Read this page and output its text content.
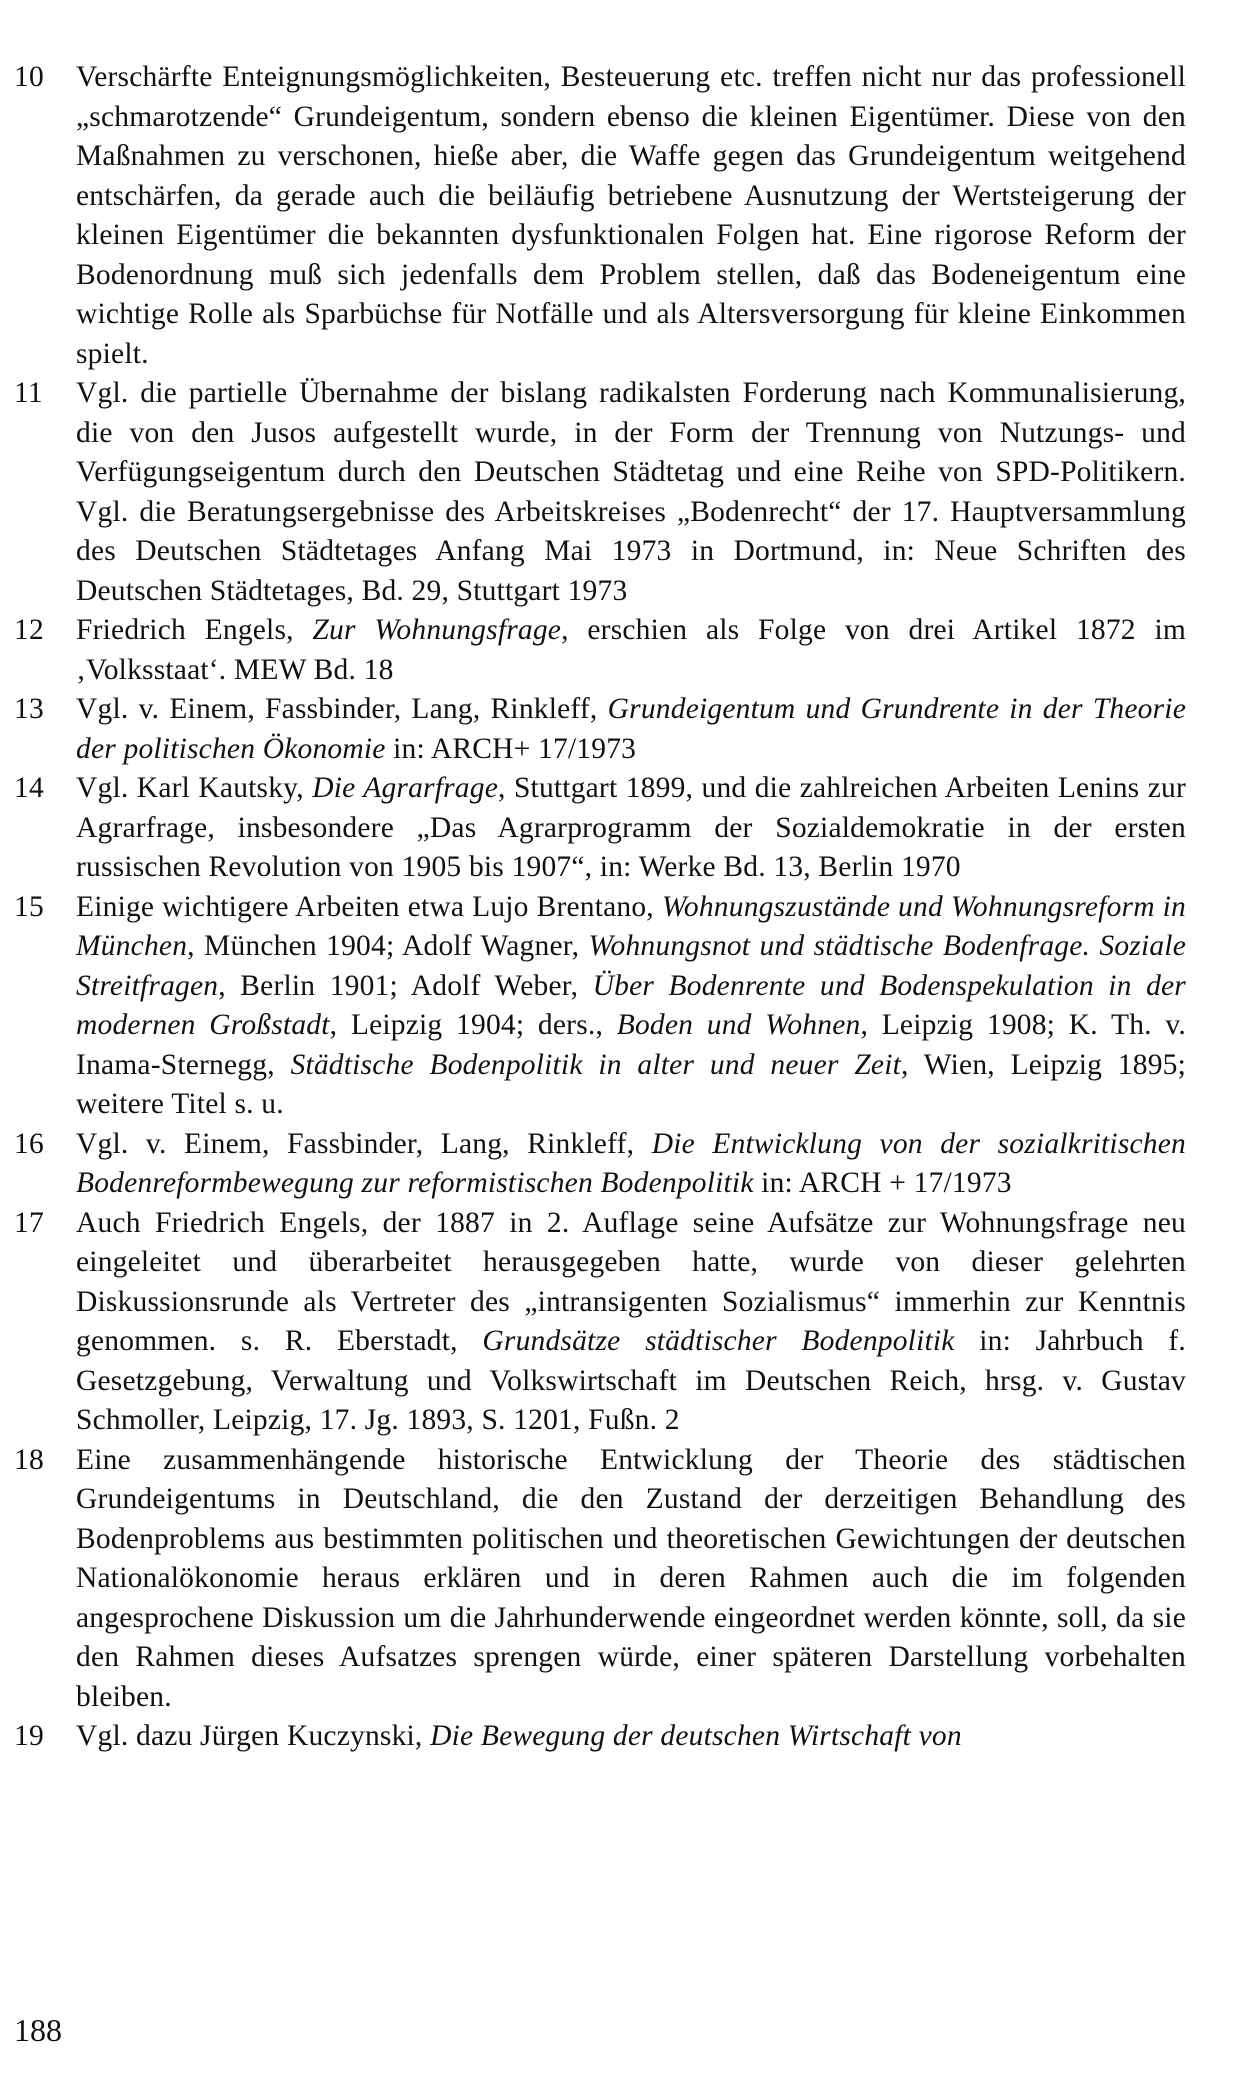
10	Verschärfte Enteignungsmöglichkeiten, Besteuerung etc. treffen nicht nur das professionell „schmarotzende“ Grundeigentum, sondern ebenso die kleinen Eigentümer. Diese von den Maßnahmen zu verschonen, hieße aber, die Waffe gegen das Grundeigentum weitgehend entschärfen, da gerade auch die beiläufig betriebene Ausnutzung der Wertsteigerung der kleinen Eigentümer die bekannten dysfunktionalen Folgen hat. Eine rigorose Reform der Bodenordnung muß sich jedenfalls dem Problem stellen, daß das Bodeneigentum eine wichtige Rolle als Sparbüchse für Notfälle und als Altersversorgung für kleine Einkommen spielt.
11	Vgl. die partielle Übernahme der bislang radikalsten Forderung nach Kommunalisierung, die von den Jusos aufgestellt wurde, in der Form der Trennung von Nutzungs- und Verfügungseigentum durch den Deutschen Städtetag und eine Reihe von SPD-Politikern. Vgl. die Beratungsergebnisse des Arbeitskreises „Bodenrecht“ der 17. Hauptversammlung des Deutschen Städtetages Anfang Mai 1973 in Dortmund, in: Neue Schriften des Deutschen Städtetages, Bd. 29, Stuttgart 1973
12	Friedrich Engels, Zur Wohnungsfrage, erschien als Folge von drei Artikel 1872 im ‚Volksstaat‘. MEW Bd. 18
13	Vgl. v. Einem, Fassbinder, Lang, Rinkleff, Grundeigentum und Grundrente in der Theorie der politischen Ökonomie in: ARCH+ 17/1973
14	Vgl. Karl Kautsky, Die Agrarfrage, Stuttgart 1899, und die zahlreichen Arbeiten Lenins zur Agrarfrage, insbesondere „Das Agrarprogramm der Sozialdemokratie in der ersten russischen Revolution von 1905 bis 1907“, in: Werke Bd. 13, Berlin 1970
15	Einige wichtigere Arbeiten etwa Lujo Brentano, Wohnungszustände und Wohnungsreform in München, München 1904; Adolf Wagner, Wohnungsnot und städtische Bodenfrage. Soziale Streitfragen, Berlin 1901; Adolf Weber, Über Bodenrente und Bodenspekulation in der modernen Großstadt, Leipzig 1904; ders., Boden und Wohnen, Leipzig 1908; K. Th. v. Inama-Sternegg, Städtische Bodenpolitik in alter und neuer Zeit, Wien, Leipzig 1895; weitere Titel s. u.
16	Vgl. v. Einem, Fassbinder, Lang, Rinkleff, Die Entwicklung von der sozialkritischen Bodenreformbewegung zur reformistischen Bodenpolitik in: ARCH + 17/1973
17	Auch Friedrich Engels, der 1887 in 2. Auflage seine Aufsätze zur Wohnungsfrage neu eingeleitet und überarbeitet herausgegeben hatte, wurde von dieser gelehrten Diskussionsrunde als Vertreter des „intransigenten Sozialismus“ immerhin zur Kenntnis genommen. s. R. Eberstadt, Grundsätze städtischer Bodenpolitik in: Jahrbuch f. Gesetzgebung, Verwaltung und Volkswirtschaft im Deutschen Reich, hrsg. v. Gustav Schmoller, Leipzig, 17. Jg. 1893, S. 1201, Fußn. 2
18	Eine zusammenhängende historische Entwicklung der Theorie des städtischen Grundeigentums in Deutschland, die den Zustand der derzeitigen Behandlung des Bodenproblems aus bestimmten politischen und theoretischen Gewichtungen der deutschen Nationalökonomie heraus erklären und in deren Rahmen auch die im folgenden angesprochene Diskussion um die Jahrhunderwende eingeordnet werden könnte, soll, da sie den Rahmen dieses Aufsatzes sprengen würde, einer späteren Darstellung vorbehalten bleiben.
19	Vgl. dazu Jürgen Kuczynski, Die Bewegung der deutschen Wirtschaft von
188
